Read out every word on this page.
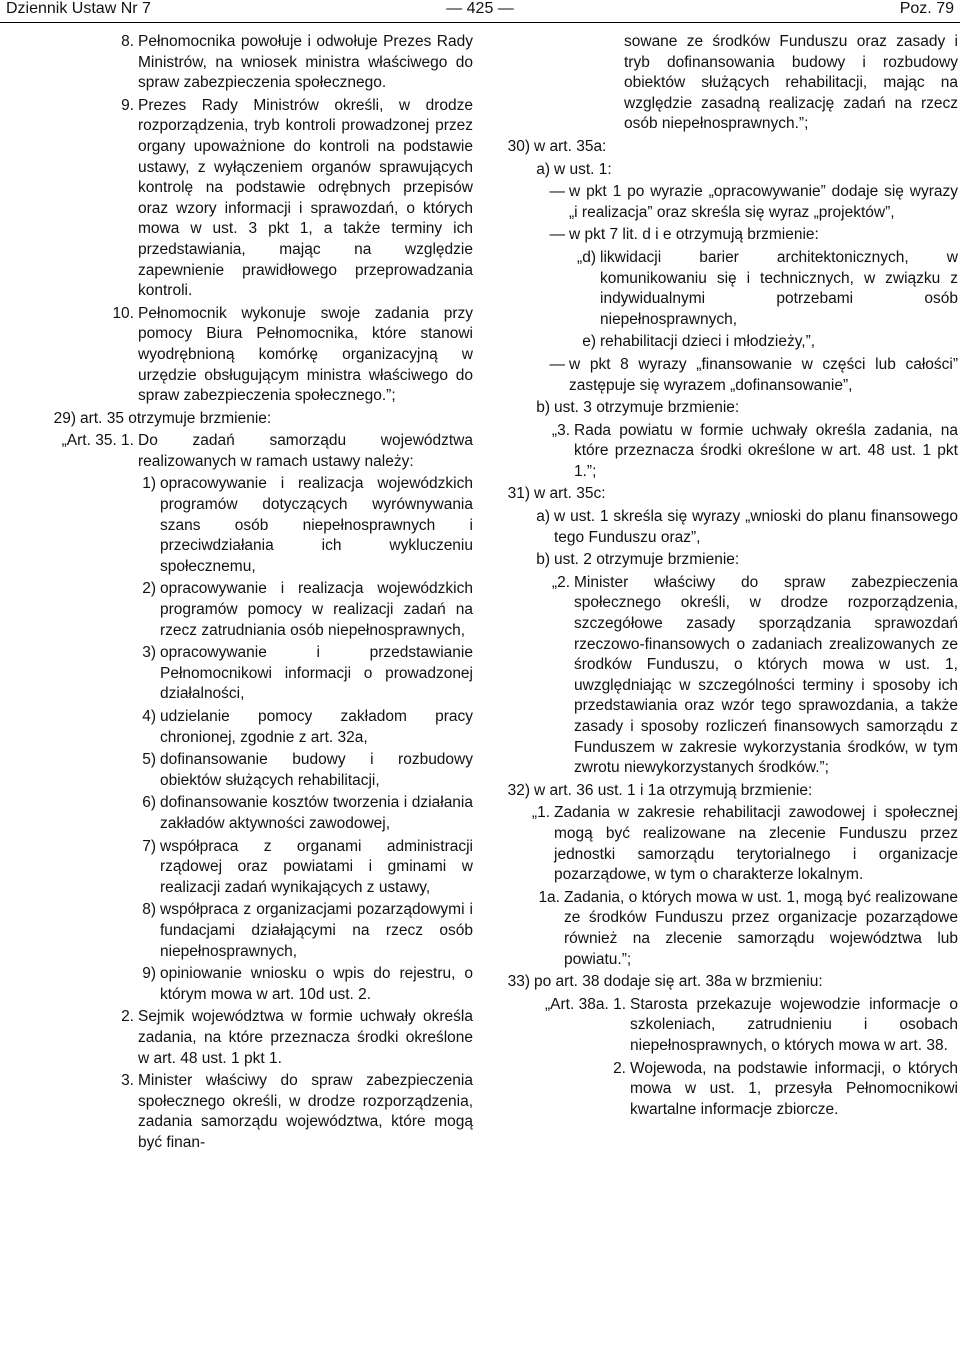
Dziennik Ustaw Nr 7	— 425 —	Poz. 79
8. Pełnomocnika powołuje i odwołuje Prezes Rady Ministrów, na wniosek ministra właściwego do spraw zabezpieczenia społecznego.
9. Prezes Rady Ministrów określi, w drodze rozporządzenia, tryb kontroli prowadzonej przez organy upoważnione do kontroli na podstawie ustawy, z wyłączeniem organów sprawujących kontrolę na podstawie odrębnych przepisów oraz wzory informacji i sprawozdań, o których mowa w ust. 3 pkt 1, a także terminy ich przedstawiania, mając na względzie zapewnienie prawidłowego przeprowadzania kontroli.
10. Pełnomocnik wykonuje swoje zadania przy pomocy Biura Pełnomocnika, które stanowi wyodrębnioną komórkę organizacyjną w urzędzie obsługującym ministra właściwego do spraw zabezpieczenia społecznego.”;
29) art. 35 otrzymuje brzmienie:
„Art. 35. 1. Do zadań samorządu województwa realizowanych w ramach ustawy należy:
1) opracowywanie i realizacja wojewódzkich programów dotyczących wyrównywania szans osób niepełnosprawnych i przeciwdziałania ich wykluczeniu społecznemu,
2) opracowywanie i realizacja wojewódzkich programów pomocy w realizacji zadań na rzecz zatrudniania osób niepełnosprawnych,
3) opracowywanie i przedstawianie Pełnomocnikowi informacji o prowadzonej działalności,
4) udzielanie pomocy zakładom pracy chronionej, zgodnie z art. 32a,
5) dofinansowanie budowy i rozbudowy obiektów służących rehabilitacji,
6) dofinansowanie kosztów tworzenia i działania zakładów aktywności zawodowej,
7) współpraca z organami administracji rządowej oraz powiatami i gminami w realizacji zadań wynikających z ustawy,
8) współpraca z organizacjami pozarządowymi i fundacjami działającymi na rzecz osób niepełnosprawnych,
9) opiniowanie wniosku o wpis do rejestru, o którym mowa w art. 10d ust. 2.
2. Sejmik województwa w formie uchwały określa zadania, na które przeznacza środki określone w art. 48 ust. 1 pkt 1.
3. Minister właściwy do spraw zabezpieczenia społecznego określi, w drodze rozporządzenia, zadania samorządu województwa, które mogą być finan-
sowane ze środków Funduszu oraz zasady i tryb dofinansowania budowy i rozbudowy obiektów służących rehabilitacji, mając na względzie zasadną realizację zadań na rzecz osób niepełnosprawnych.”;
30) w art. 35a:
a) w ust. 1:
— w pkt 1 po wyrazie „opracowywanie” dodaje się wyrazy „i realizacja” oraz skreśla się wyraz „projektów”,
— w pkt 7 lit. d i e otrzymują brzmienie:
„d) likwidacji barier architektonicznych, w komunikowaniu się i technicznych, w związku z indywidualnymi potrzebami osób niepełnosprawnych,
e) rehabilitacji dzieci i młodzieży,”,
— w pkt 8 wyrazy „finansowanie w części lub całości” zastępuje się wyrazem „dofinansowanie”,
b) ust. 3 otrzymuje brzmienie:
„3. Rada powiatu w formie uchwały określa zadania, na które przeznacza środki określone w art. 48 ust. 1 pkt 1.”;
31) w art. 35c:
a) w ust. 1 skreśla się wyrazy „wnioski do planu finansowego tego Funduszu oraz”,
b) ust. 2 otrzymuje brzmienie:
„2. Minister właściwy do spraw zabezpieczenia społecznego określi, w drodze rozporządzenia, szczegółowe zasady sporządzania sprawozdań rzeczowo-finansowych o zadaniach zrealizowanych ze środków Funduszu, o których mowa w ust. 1, uwzględniając w szczególności terminy i sposoby ich przedstawiania oraz wzór tego sprawozdania, a także zasady i sposoby rozliczeń finansowych samorządu z Funduszem w zakresie wykorzystania środków, w tym zwrotu niewykorzystanych środków.”;
32) w art. 36 ust. 1 i 1a otrzymują brzmienie:
„1. Zadania w zakresie rehabilitacji zawodowej i społecznej mogą być realizowane na zlecenie Funduszu przez jednostki samorządu terytorialnego i organizacje pozarządowe, w tym o charakterze lokalnym.
1a. Zadania, o których mowa w ust. 1, mogą być realizowane ze środków Funduszu przez organizacje pozarządowe również na zlecenie samorządu województwa lub powiatu.”;
33) po art. 38 dodaje się art. 38a w brzmieniu:
„Art. 38a. 1. Starosta przekazuje wojewodzie informacje o szkoleniach, zatrudnieniu i osobach niepełnosprawnych, o których mowa w art. 38.
2. Wojewoda, na podstawie informacji, o których mowa w ust. 1, przesyła Pełnomocnikowi kwartalne informacje zbiorcze.
